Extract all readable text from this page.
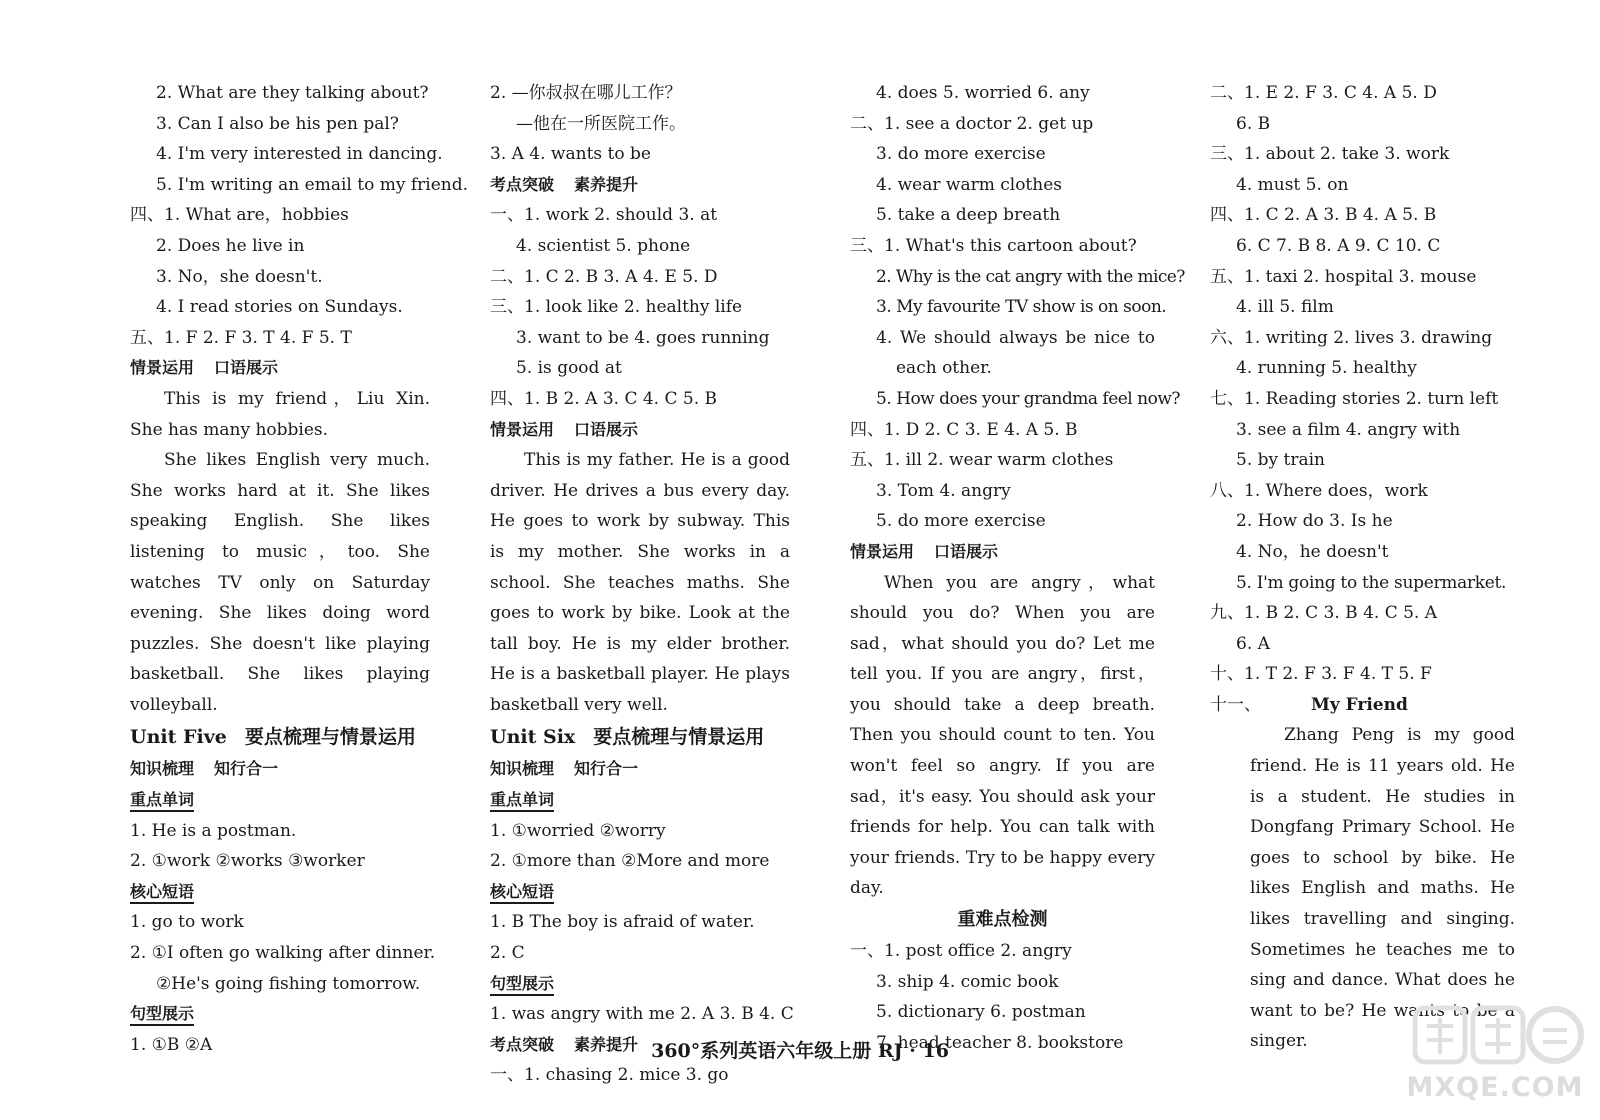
2. What are they talking about?
3. Can I also be his pen pal?
4. I'm very interested in dancing.
5. I'm writing an email to my friend.
四、1. What are，hobbies
2. Does he live in
3. No，she doesn't.
4. I read stories on Sundays.
五、1. F 2. F 3. T 4. F 5. T
情景运用 口语展示

This is my friend，Liu Xin. She has many hobbies.

She likes English very much. She works hard at it. She likes speaking English. She likes listening to music，too. She watches TV only on Saturday evening. She likes doing word puzzles. She doesn't like playing basketball. She likes playing volleyball.

Unit Five 要点梳理与情景运用
知识梳理 知行合一
重点单词
1. He is a postman.
2. ①work ②works ③worker
核心短语
1. go to work
2. ①I often go walking after dinner.
②He's going fishing tomorrow.
句型展示
1. ①B ②A
2. —你叔叔在哪儿工作？
—他在一所医院工作。
3. A 4. wants to be
考点突破 素养提升
一、1. work 2. should 3. at
4. scientist 5. phone
二、1. C 2. B 3. A 4. E 5. D
三、1. look like 2. healthy life
3. want to be 4. goes running
5. is good at
四、1. B 2. A 3. C 4. C 5. B
情景运用 口语展示

This is my father. He is a good driver. He drives a bus every day. He goes to work by subway. This is my mother. She works in a school. She teaches maths. She goes to work by bike. Look at the tall boy. He is my elder brother. He is a basketball player. He plays basketball very well.

Unit Six 要点梳理与情景运用
知识梳理 知行合一
重点单词
1. ①worried ②worry
2. ①more than ②More and more
核心短语
1. B The boy is afraid of water.
2. C
句型展示
1. was angry with me 2. A 3. B 4. C
考点突破 素养提升
一、1. chasing 2. mice 3. go
4. does 5. worried 6. any
二、1. see a doctor 2. get up
3. do more exercise
4. wear warm clothes
5. take a deep breath
三、1. What's this cartoon about?
2. Why is the cat angry with the mice?
3. My favourite TV show is on soon.

4. We should always be nice to each other.

5. How does your grandma feel now?
四、1. D 2. C 3. E 4. A 5. B
五、1. ill 2. wear warm clothes
3. Tom 4. angry
5. do more exercise
情景运用 口语展示

When you are angry，what should you do? When you are sad，what should you do? Let me tell you. If you are angry，first，you should take a deep breath. Then you should count to ten. You won't feel so angry. If you are sad，it's easy. You should ask your friends for help. You can talk with your friends. Try to be happy every day.

重难点检测
一、1. post office 2. angry
3. ship 4. comic book
5. dictionary 6. postman
7. head teacher 8. bookstore
二、1. E 2. F 3. C 4. A 5. D
6. B
三、1. about 2. take 3. work
4. must 5. on
四、1. C 2. A 3. B 4. A 5. B
6. C 7. B 8. A 9. C 10. C
五、1. taxi 2. hospital 3. mouse
4. ill 5. film
六、1. writing 2. lives 3. drawing
4. running 5. healthy
七、1. Reading stories 2. turn left
3. see a film 4. angry with
5. by train
八、1. Where does，work
2. How do 3. Is he
4. No，he doesn't
5. I'm going to the supermarket.
九、1. B 2. C 3. B 4. C 5. A
6. A
十、1. T 2. F 3. F 4. T 5. F
十一、	My Friend

Zhang Peng is my good friend. He is 11 years old. He is a student. He studies in Dongfang Primary School. He goes to school by bike. He likes English and maths. He likes travelling and singing. Sometimes he teaches me to sing and dance. What does he want to be? He wants to be a singer.

360°系列英语六年级上册 RJ · 16
MXQE.COM
